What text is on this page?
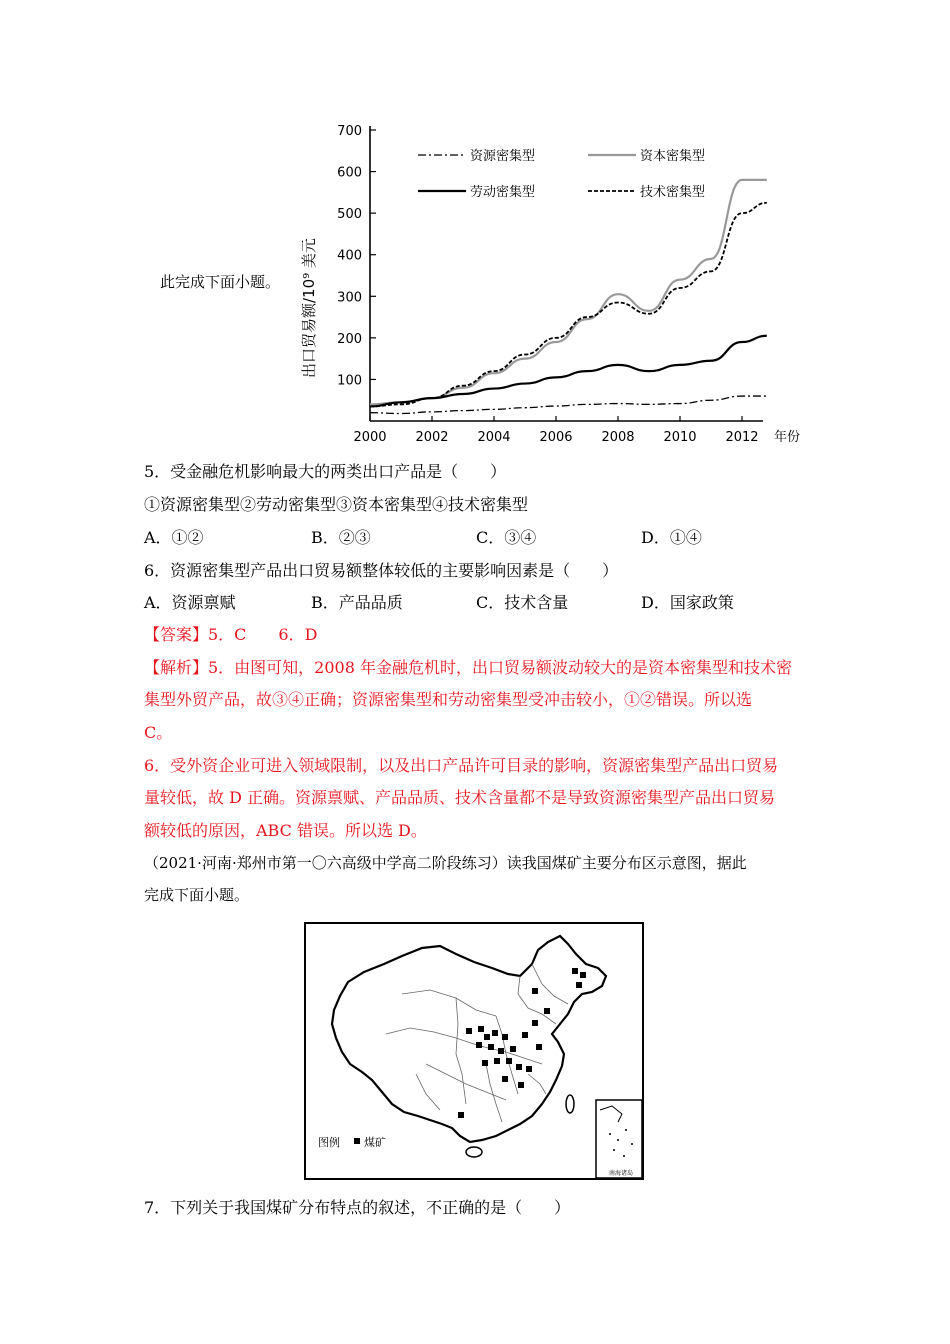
100
200
300
400
500
600
700
2000 2002 2004 2006 2008 2010 2012 年份
资源密集型	资本密集型
劳动密集型	技术密集型
出口贸易额/10⁹ 美元
此完成下面小题。
5．受金融危机影响最大的两类出口产品是（　　）
①资源密集型②劳动密集型③资本密集型④技术密集型
A．①②	B．②③	C．③④	D．①④
6．资源密集型产品出口贸易额整体较低的主要影响因素是（　　）
A．资源禀赋	B．产品品质	C．技术含量	D．国家政策
【答案】5．C　　6．D
【解析】5．由图可知，2008 年金融危机时，出口贸易额波动较大的是资本密集型和技术密
集型外贸产品，故③④正确；资源密集型和劳动密集型受冲击较小，①②错误。所以选
C。
6．受外资企业可进入领域限制，以及出口产品许可目录的影响，资源密集型产品出口贸易
量较低，故 D 正确。资源禀赋、产品品质、技术含量都不是导致资源密集型产品出口贸易
额较低的原因，ABC 错误。所以选 D。
（2021·河南·郑州市第一〇六高级中学高二阶段练习）读我国煤矿主要分布区示意图，据此
完成下面小题。
图例 煤矿
南海诸岛
7．下列关于我国煤矿分布特点的叙述，不正确的是（　　）
